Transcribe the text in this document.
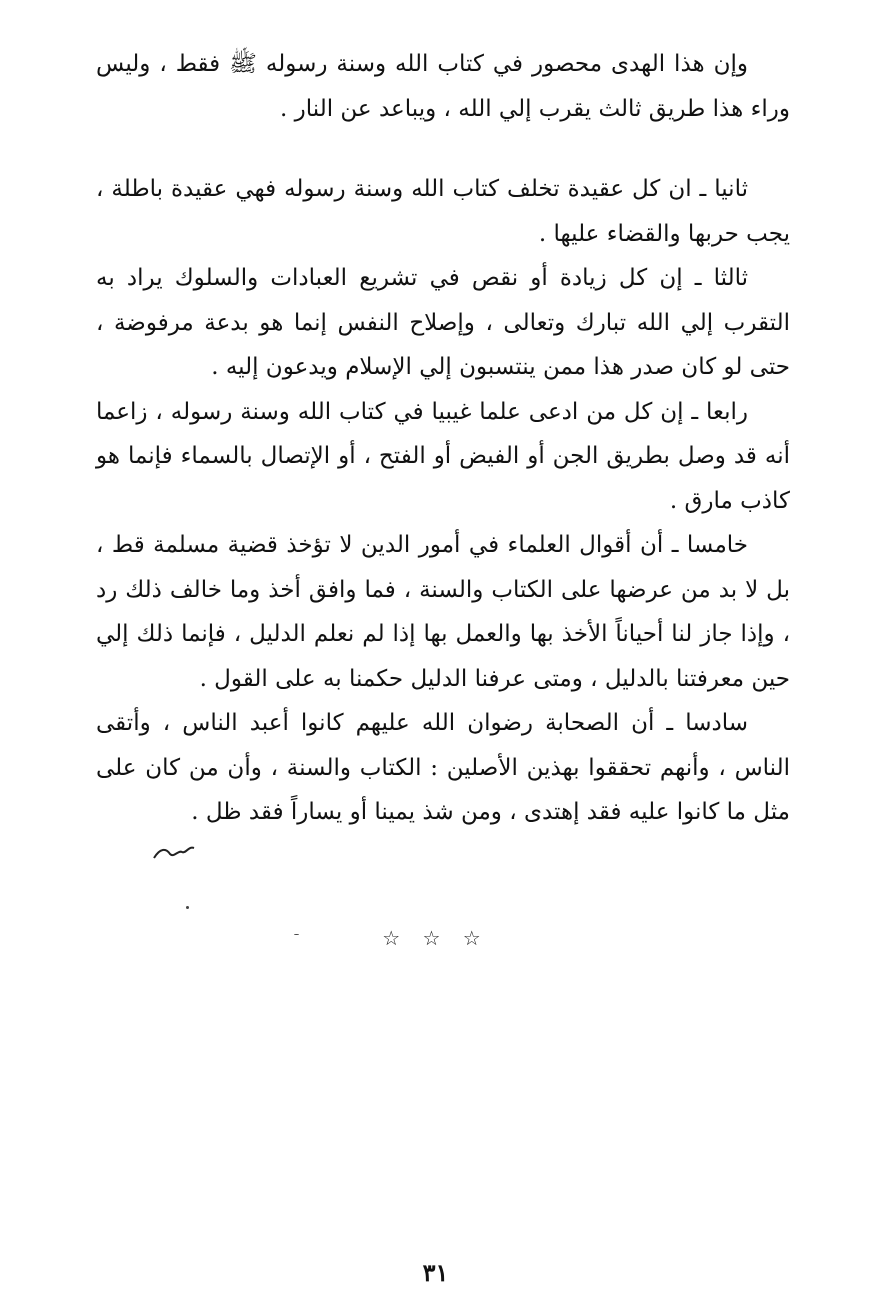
وإن هذا الهدى محصور في كتاب الله وسنة رسوله ﷺ فقط ، وليس وراء هذا طريق ثالث يقرب إلي الله ، ويباعد عن النار .

ثانيا ـ ان كل عقيدة تخلف كتاب الله وسنة رسوله فهي عقيدة باطلة ، يجب حربها والقضاء عليها .

ثالثا ـ إن كل زيادة أو نقص في تشريع العبادات والسلوك يراد به التقرب إلي الله تبارك وتعالى ، وإصلاح النفس إنما هو بدعة مرفوضة ، حتى لو كان صدر هذا ممن ينتسبون إلي الإسلام ويدعون إليه .

رابعا ـ إن كل من ادعى علما غيبيا في كتاب الله وسنة رسوله ، زاعما أنه قد وصل بطريق الجن أو الفيض أو الفتح ، أو الإتصال بالسماء فإنما هو كاذب مارق .

خامسا ـ أن أقوال العلماء في أمور الدين لا تؤخذ قضية مسلمة قط ، بل لا بد من عرضها على الكتاب والسنة ، فما وافق أخذ وما خالف ذلك رد ، وإذا جاز لنا أحياناً الأخذ بها والعمل بها إذا لم نعلم الدليل ، فإنما ذلك إلي حين معرفتنا بالدليل ، ومتى عرفنا الدليل حكمنا به على القول .

سادسا ـ أن الصحابة رضوان الله عليهم كانوا أعبد الناس ، وأتقى الناس ، وأنهم تحققوا بهذين الأصلين : الكتاب والسنة ، وأن من كان على مثل ما كانوا عليه فقد إهتدى ، ومن شذ يمينا أو يساراً فقد ظل .

☆ ☆ ☆
٣١
